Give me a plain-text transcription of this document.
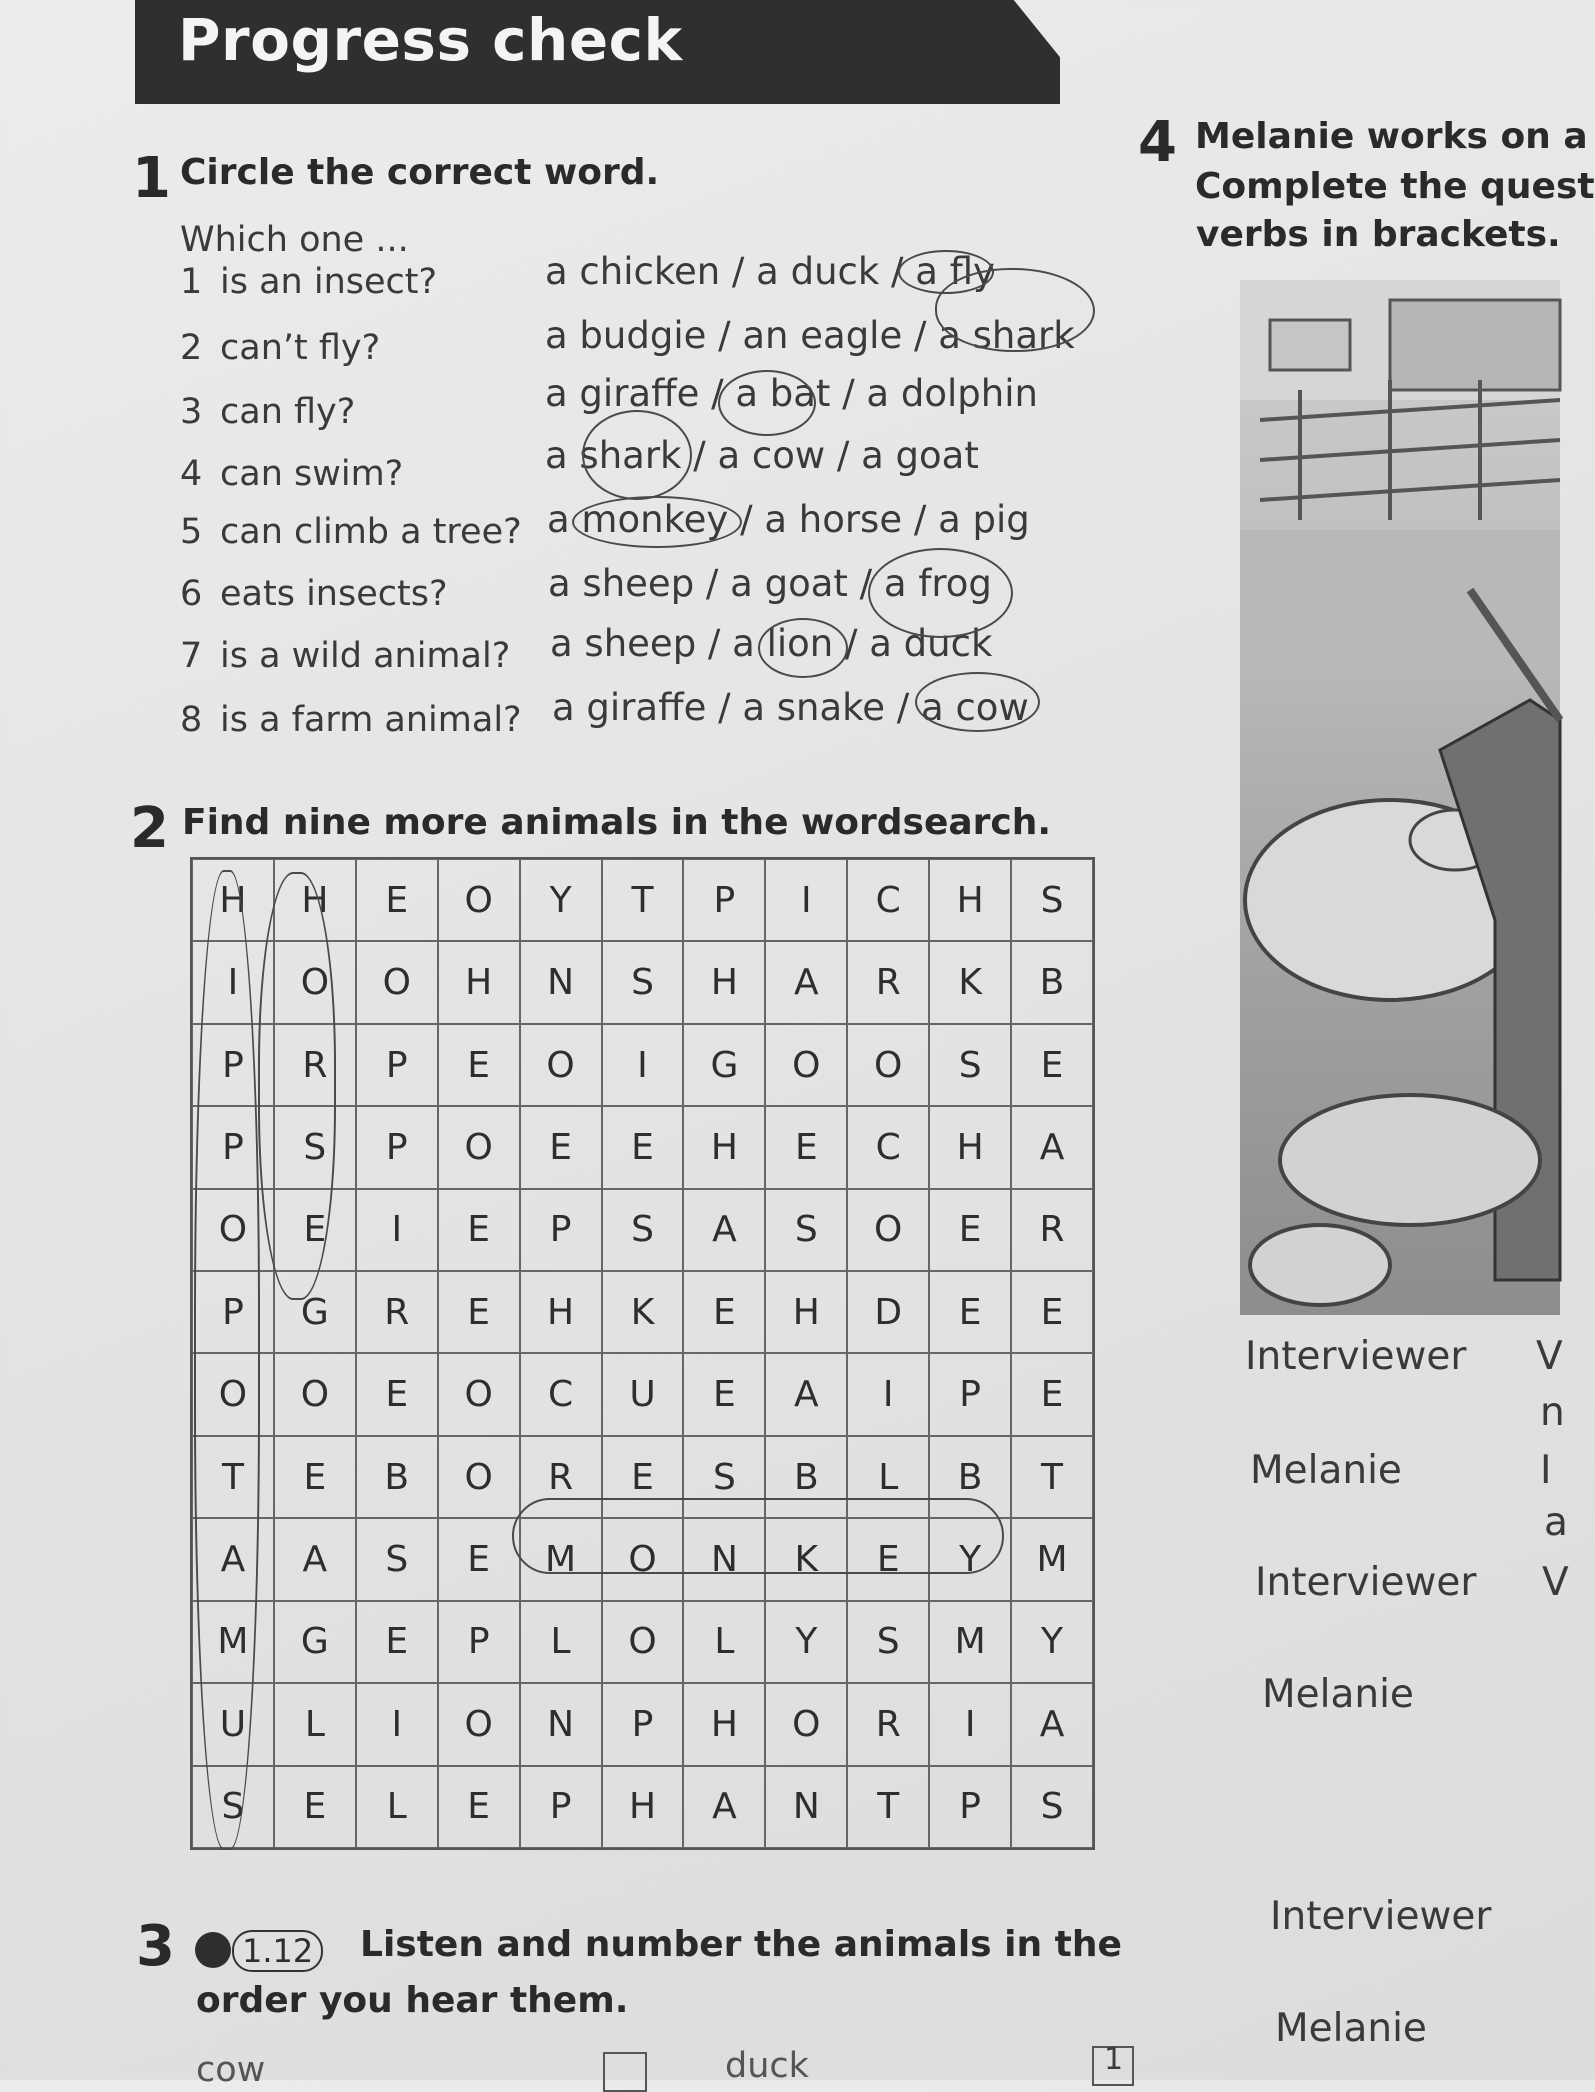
Progress check
1 Circle the correct word.
Which one ...
1 is an insect?	a chicken / a duck / a fly
2 can’t fly?	a budgie / an eagle / a shark
3 can fly?	a giraffe / a bat / a dolphin
4 can swim?	a shark / a cow / a goat
5 can climb a tree? a monkey / a horse / a pig
6 eats insects?	a sheep / a goat / a frog
7 is a wild animal? a sheep / a lion / a duck
8 is a farm animal? a giraffe / a snake / a cow
2 Find nine more animals in the wordsearch.
H	H	E	O	Y	T	P	I	C	H	S
I	O	O	H	N	S	H	A	R	K	B
P	R	P	E	O	I	G	O	O	S	E
P	S	P	O	E	E	H	E	C	H	A
O	E	I	E	P	S	A	S	O	E	R
P	G	R	E	H	K	E	H	D	E	E
O	O	E	O	C	U	E	A	I	P	E
T	E	B	O	R	E	S	B	L	B	T
A	A	S	E	M	O	N	K	E	Y	M
M	G	E	P	L	O	L	Y	S	M	Y
U	L	I	O	N	P	H	O	R	I	A
S	E	L	E	P	H	A	N	T	P	S
3	1.12 Listen and number the animals in the
order you hear them.
cow	duck	1
4 Melanie works on a
Complete the quest
verbs in brackets.
Interviewer V
n
Melanie	I
a
Interviewer V
Melanie
Interviewer
Melanie
